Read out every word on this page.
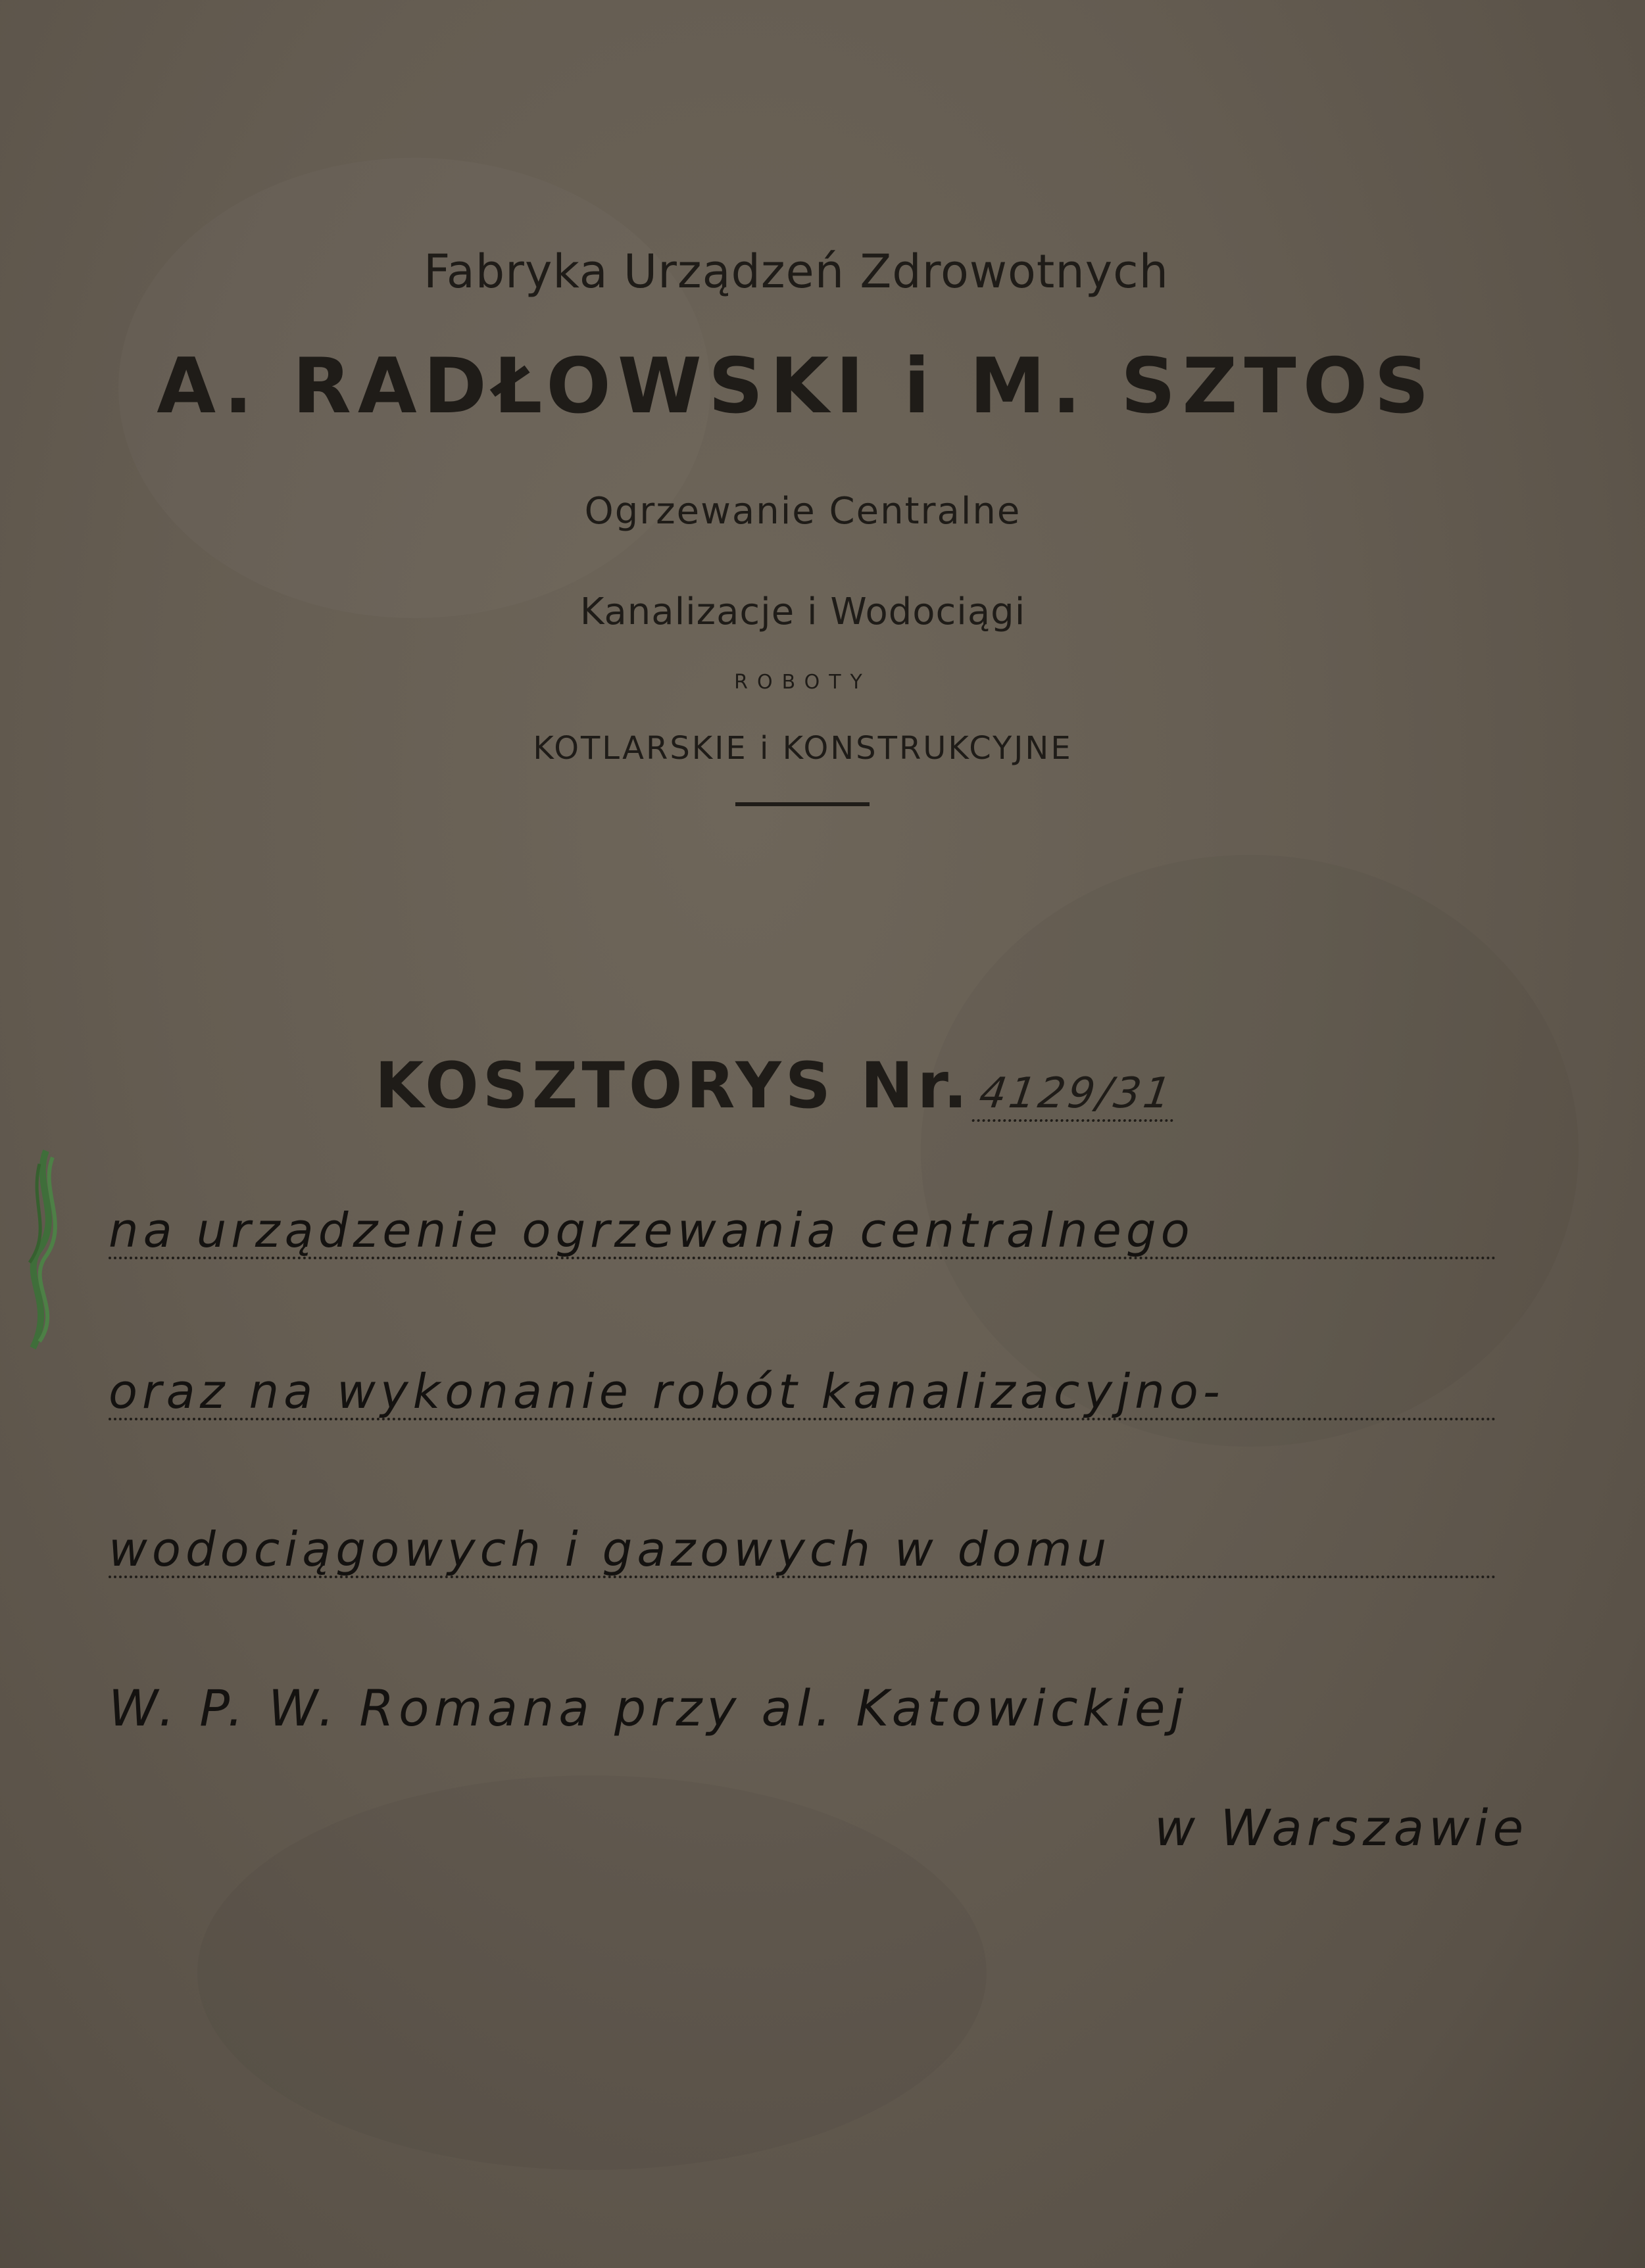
Fabryka Urządzeń Zdrowotnych
A. RADŁOWSKI i M. SZTOS
Ogrzewanie Centralne
Kanalizacje i Wodociągi
ROBOTY
KOTLARSKIE i KONSTRUKCYJNE
KOSZTORYS Nr. 4129/31
na urządzenie ogrzewania centralnego
oraz na wykonanie robót kanalizacyjno-
wodociągowych i gazowych w domu
W. P. W. Romana przy al. Katowickiej
w Warszawie
